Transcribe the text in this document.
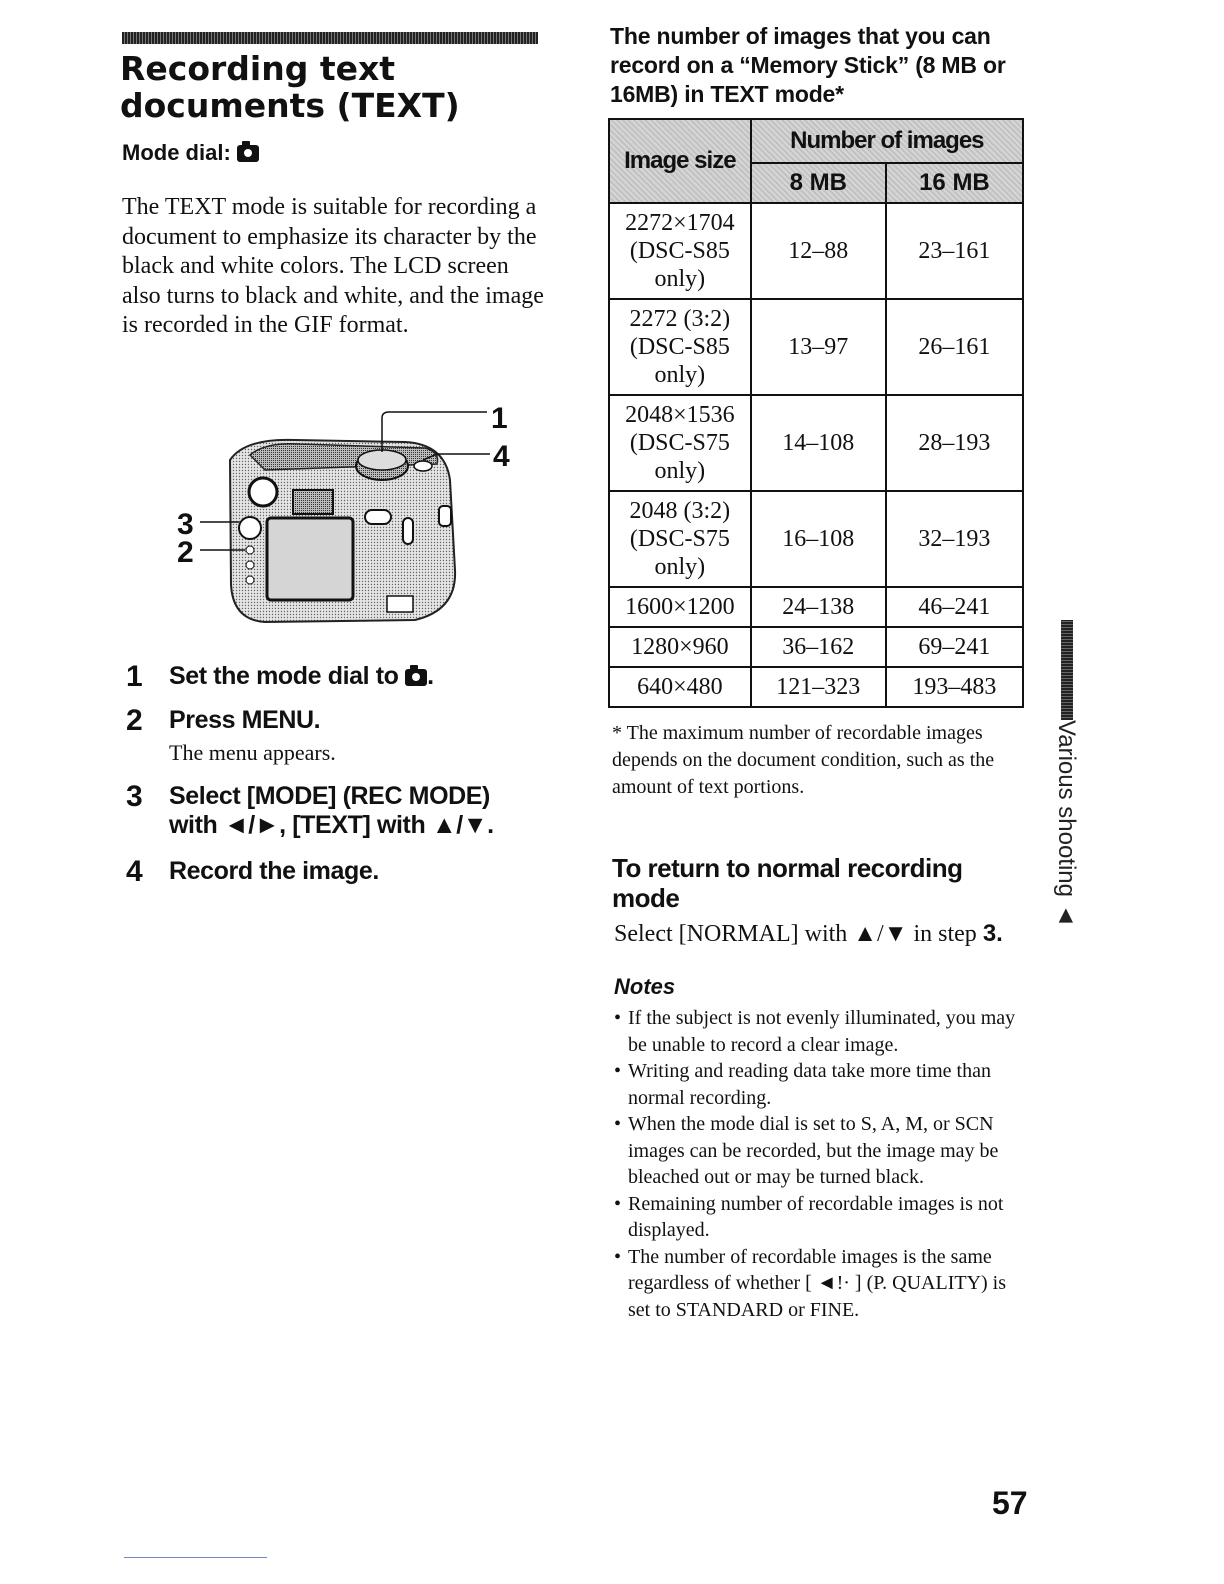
Recording text documents (TEXT)
Mode dial:
The TEXT mode is suitable for recording a document to emphasize its character by the black and white colors. The LCD screen also turns to black and white, and the image is recorded in the GIF format.
1
4
3
2
1 Set the mode dial to .
2 Press MENU.
The menu appears.
3 Select [MODE] (REC MODE)
with ◄/►, [TEXT] with ▲/▼.
4 Record the image.
The number of images that you can record on a “Memory Stick” (8 MB or 16MB) in TEXT mode*
Image size	Number of images	
	8 MB	16 MB
2272×1704
(DSC-S85
only)	12–88	23–161
2272 (3:2)
(DSC-S85
only)	13–97	26–161
2048×1536
(DSC-S75
only)	14–108	28–193
2048 (3:2)
(DSC-S75
only)	16–108	32–193
1600×1200	24–138	46–241
1280×960	36–162	69–241
640×480	121–323	193–483
* The maximum number of recordable images depends on the document condition, such as the amount of text portions.
To return to normal recording mode
Select [NORMAL] with ▲/▼ in step 3.
Notes
• If the subject is not evenly illuminated, you may be unable to record a clear image.
• Writing and reading data take more time than normal recording.
• When the mode dial is set to S, A, M, or SCN images can be recorded, but the image may be bleached out or may be turned black.
• Remaining number of recordable images is not displayed.
• The number of recordable images is the same regardless of whether [ ◄!· ] (P. QUALITY) is set to STANDARD or FINE.
Various shooting ◄
57
